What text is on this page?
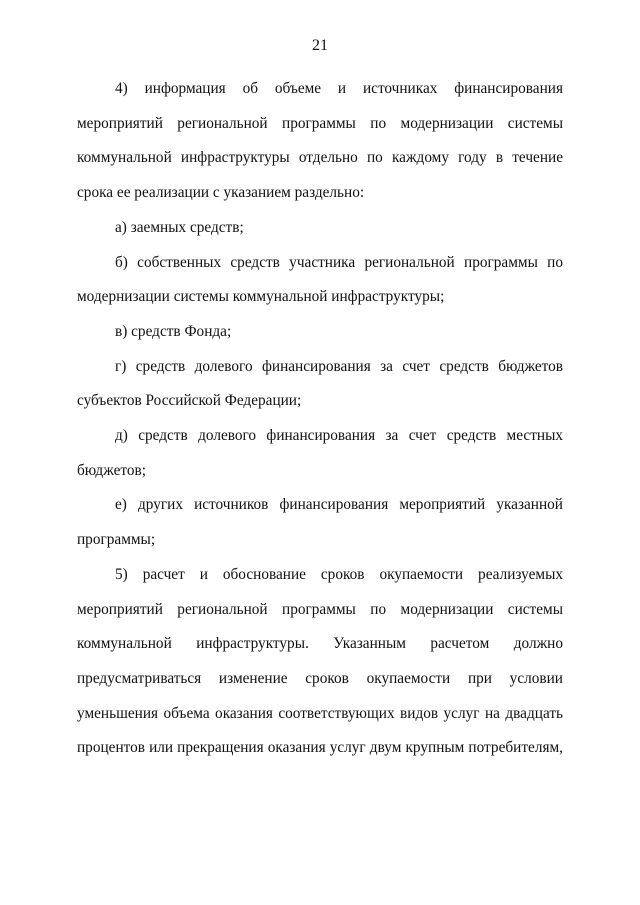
21

4) информация об объеме и источниках финансирования мероприятий региональной программы по модернизации системы коммунальной инфраструктуры отдельно по каждому году в течение срока ее реализации с указанием раздельно:

а) заемных средств;

б) собственных средств участника региональной программы по модернизации системы коммунальной инфраструктуры;

в) средств Фонда;

г) средств долевого финансирования за счет средств бюджетов субъектов Российской Федерации;

д) средств долевого финансирования за счет средств местных бюджетов;

е) других источников финансирования мероприятий указанной программы;

5) расчет и обоснование сроков окупаемости реализуемых мероприятий региональной программы по модернизации системы коммунальной инфраструктуры. Указанным расчетом должно предусматриваться изменение сроков окупаемости при условии уменьшения объема оказания соответствующих видов услуг на двадцать процентов или прекращения оказания услуг двум крупным потребителям,
